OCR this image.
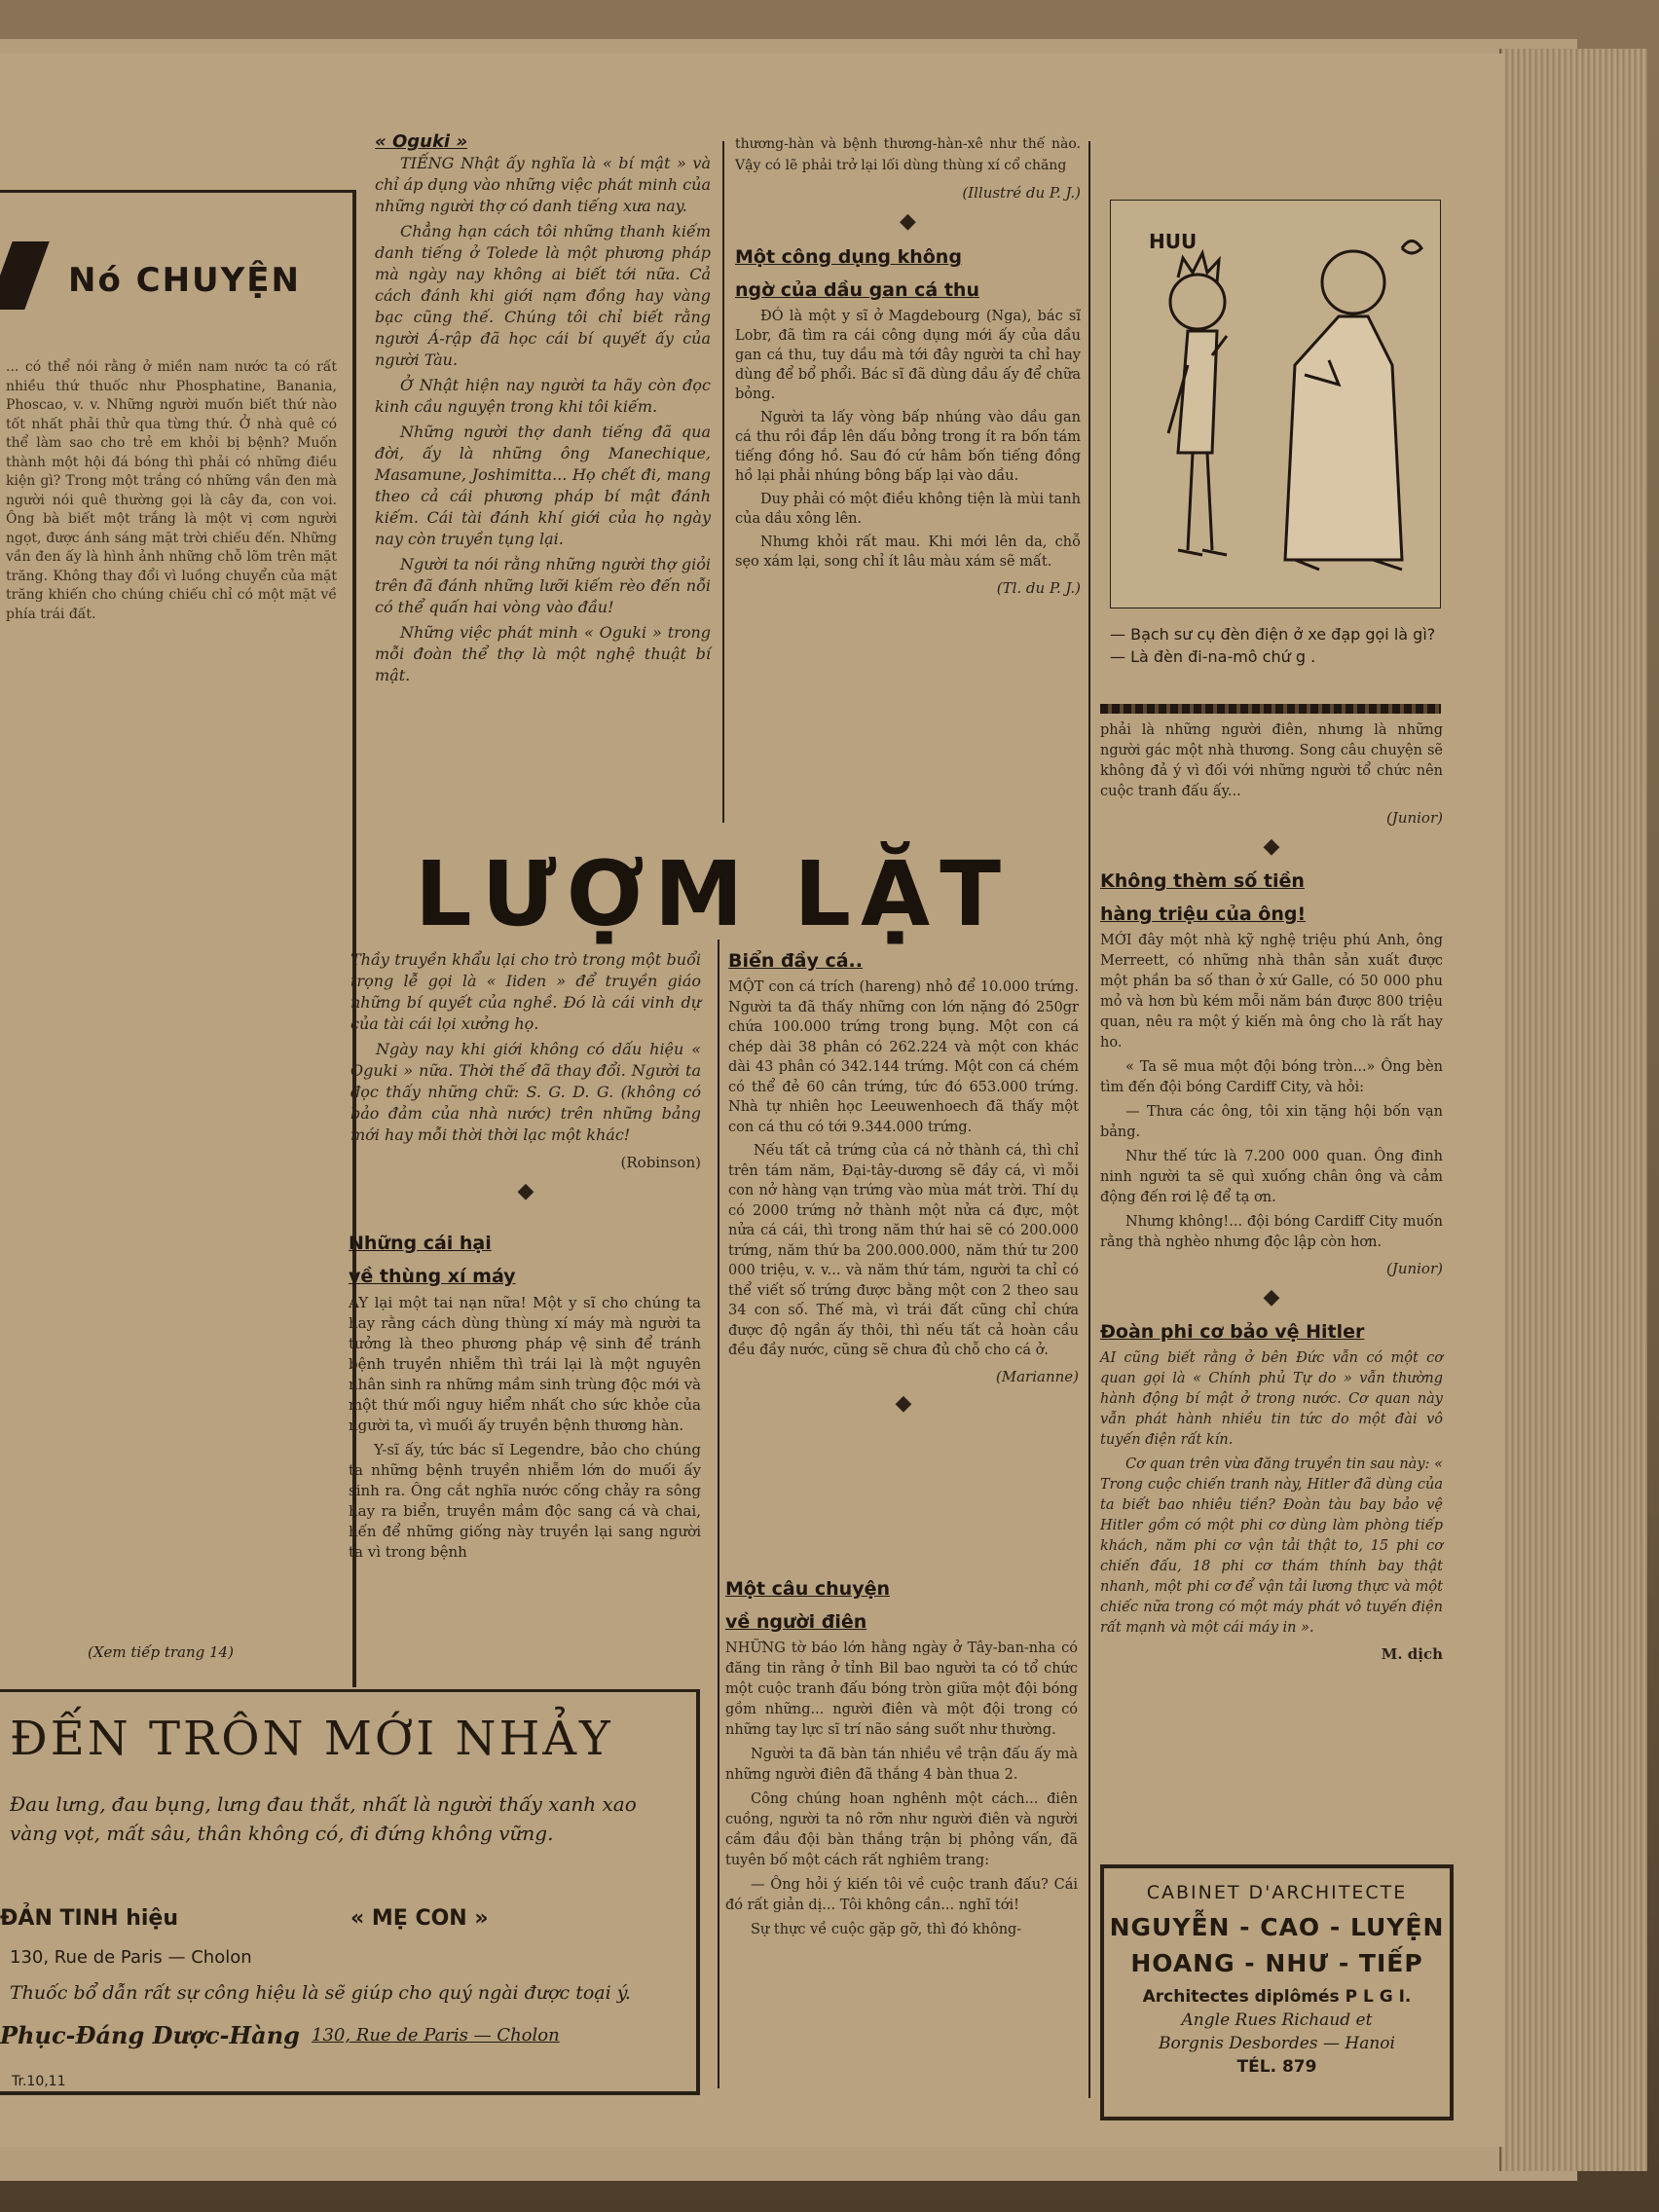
Nó CHUYỆN
... có thể nói rằng ở miền nam nước ta có rất nhiều thứ thuốc như Phosphatine, Banania, Phoscao, v. v. Những người muốn biết thứ nào tốt nhất phải thử qua từng thứ. Ở nhà quê có thể làm sao cho trẻ em khỏi bị bệnh? Muốn thành một hội đá bóng thì phải có những điều kiện gì? Trong một trắng có những vần đen mà người nói quê thường gọi là cây đa, con voi. Ông bà biết một trắng là một vị cơm người ngọt, được ánh sáng mặt trời chiếu đến. Những vần đen ấy là hình ảnh những chỗ lõm trên mặt trăng. Không thay đổi vì luồng chuyển của mặt trăng khiến cho chúng chiếu chỉ có một mặt về phía trái đất.
(Xem tiếp trang 14)
« Oguki »

TIẾNG Nhật ấy nghĩa là « bí mật » và chỉ áp dụng vào những việc phát minh của những người thợ có danh tiếng xưa nay.

Chẳng hạn cách tôi những thanh kiếm danh tiếng ở Tolede là một phương pháp mà ngày nay không ai biết tới nữa. Cả cách đánh khi giới nạm đồng hay vàng bạc cũng thế. Chúng tôi chỉ biết rằng người Á-rập đã học cái bí quyết ấy của người Tàu.

Ở Nhật hiện nay người ta hãy còn đọc kinh cầu nguyện trong khi tôi kiếm.

Những người thợ danh tiếng đã qua đời, ấy là những ông Manechique, Masamune, Joshimitta... Họ chết đi, mang theo cả cái phương pháp bí mật đánh kiếm. Cái tài đánh khí giới của họ ngày nay còn truyền tụng lại.

Người ta nói rằng những người thợ giỏi trên đã đánh những lưỡi kiếm rèo đến nỗi có thể quấn hai vòng vào đầu!

Những việc phát minh « Oguki » trong mỗi đoàn thể thợ là một nghệ thuật bí mật.

thương-hàn và bệnh thương-hàn-xê như thế nào. Vậy có lẽ phải trở lại lối dùng thùng xí cổ chăng

(Illustré du P. J.)
◆
Một công dụng không
ngờ của dầu gan cá thu

ĐÓ là một y sĩ ở Magdebourg (Nga), bác sĩ Lobr, đã tìm ra cái công dụng mới ấy của dầu gan cá thu, tuy dầu mà tới đây người ta chỉ hay dùng để bổ phổi. Bác sĩ đã dùng dầu ấy để chữa bỏng.

Người ta lấy vòng bấp nhúng vào dầu gan cá thu rồi đắp lên dấu bỏng trong ít ra bốn tám tiếng đồng hồ. Sau đó cứ hâm bốn tiếng đồng hồ lại phải nhúng bông bấp lại vào dầu.

Duy phải có một điều không tiện là mùi tanh của dầu xông lên.

Nhưng khỏi rất mau. Khi mới lên da, chỗ sẹo xám lại, song chỉ ít lâu màu xám sẽ mất.

(Tl. du P. J.)
LƯỢM LẶT

Thầy truyền khẩu lại cho trò trong một buổi trọng lễ gọi là « Iiden » để truyền giáo những bí quyết của nghề. Đó là cái vinh dự của tài cái lọi xưởng họ.

Ngày nay khi giới không có dấu hiệu « Oguki » nữa. Thời thế đã thay đổi. Người ta đọc thấy những chữ: S. G. D. G. (không có bảo đảm của nhà nước) trên những bảng mới hay mỗi thời thời lạc một khác!

(Robinson)
◆
Những cái hại
về thùng xí máy

AY lại một tai nạn nữa! Một y sĩ cho chúng ta hay rằng cách dùng thùng xí máy mà người ta tưởng là theo phương pháp vệ sinh để tránh bệnh truyền nhiễm thì trái lại là một nguyên nhân sinh ra những mầm sinh trùng độc mới và một thứ mối nguy hiểm nhất cho sức khỏe của người ta, vì muối ấy truyền bệnh thương hàn.

Y-sĩ ấy, tức bác sĩ Legendre, bảo cho chúng ta những bệnh truyền nhiễm lớn do muối ấy sinh ra. Ông cắt nghĩa nước cống chảy ra sông hay ra biển, truyền mầm độc sang cá và chai, hến để những giống này truyền lại sang người ta vì trong bệnh

Biển đầy cá..

MỘT con cá trích (hareng) nhỏ để 10.000 trứng. Người ta đã thấy những con lớn nặng đó 250gr chứa 100.000 trứng trong bụng. Một con cá chép dài 38 phân có 262.224 và một con khác dài 43 phân có 342.144 trứng. Một con cá chém có thể đẻ 60 cân trứng, tức đó 653.000 trứng. Nhà tự nhiên học Leeuwenhoech đã thấy một con cá thu có tới 9.344.000 trứng.

Nếu tất cả trứng của cá nở thành cá, thì chỉ trên tám năm, Đại-tây-dương sẽ đầy cá, vì mỗi con nở hàng vạn trứng vào mùa mát trời. Thí dụ có 2000 trứng nở thành một nửa cá đực, một nửa cá cái, thì trong năm thứ hai sẽ có 200.000 trứng, năm thứ ba 200.000.000, năm thứ tư 200 000 triệu, v. v... và năm thứ tám, người ta chỉ có thể viết số trứng được bằng một con 2 theo sau 34 con số. Thế mà, vì trái đất cũng chỉ chứa được độ ngần ấy thôi, thì nếu tất cả hoàn cầu đều đầy nước, cũng sẽ chưa đủ chỗ cho cá ở.

(Marianne)
◆
Một câu chuyện
về người điên

NHỮNG tờ báo lớn hằng ngày ở Tây-ban-nha có đăng tin rằng ở tỉnh Bil bao người ta có tổ chức một cuộc tranh đấu bóng tròn giữa một đội bóng gồm những... người điên và một đội trong có những tay lực sĩ trí não sáng suốt như thường.

Người ta đã bàn tán nhiều về trận đấu ấy mà những người điên đã thắng 4 bàn thua 2.

Công chúng hoan nghênh một cách... điên cuồng, người ta nô rỡn như người điên và người cầm đầu đội bàn thắng trận bị phỏng vấn, đã tuyên bố một cách rất nghiêm trang:

— Ông hỏi ý kiến tôi về cuộc tranh đấu? Cái đó rất giản dị... Tôi không cần... nghĩ tới!

Sự thực về cuộc gặp gỡ, thì đó không-

HUU
— Bạch sư cụ đèn điện ở xe đạp gọi là gì?
— Là đèn đi-na-mô chứ g .

phải là những người điên, nhưng là những người gác một nhà thương. Song câu chuyện sẽ không đả ý vì đối với những người tổ chức nên cuộc tranh đấu ấy...

(Junior)
◆
Không thèm số tiền
hàng triệu của ông!

MỚI đây một nhà kỹ nghệ triệu phú Anh, ông Merreett, có những nhà thân sản xuất được một phần ba số than ở xứ Galle, có 50 000 phu mỏ và hơn bù kém mỗi năm bán được 800 triệu quan, nêu ra một ý kiến mà ông cho là rất hay ho.

« Ta sẽ mua một đội bóng tròn...» Ông bèn tìm đến đội bóng Cardiff City, và hỏi:

— Thưa các ông, tôi xin tặng hội bốn vạn bảng.

Như thế tức là 7.200 000 quan. Ông đinh ninh người ta sẽ quì xuống chân ông và cảm động đến rơi lệ để tạ ơn.

Nhưng không!... đội bóng Cardiff City muốn rằng thà nghèo nhưng độc lập còn hơn.

(Junior)
◆
Đoàn phi cơ bảo vệ Hitler

AI cũng biết rằng ở bên Đức vẫn có một cơ quan gọi là « Chính phủ Tự do » vẫn thường hành động bí mật ở trong nước. Cơ quan này vẫn phát hành nhiều tin tức do một đài vô tuyến điện rất kín.

Cơ quan trên vừa đăng truyền tin sau này: « Trong cuộc chiến tranh này, Hitler đã dùng của ta biết bao nhiêu tiền? Đoàn tàu bay bảo vệ Hitler gồm có một phi cơ dùng làm phòng tiếp khách, năm phi cơ vận tải thật to, 15 phi cơ chiến đấu, 18 phi cơ thám thính bay thật nhanh, một phi cơ để vận tải lương thực và một chiếc nữa trong có một máy phát vô tuyến điện rất mạnh và một cái máy in ».

M. dịch
ĐẾN TRÔN MỚI NHẢY
Đau lưng, đau bụng, lưng đau thắt, nhất là người thấy xanh xao vàng vọt, mất sâu, thân không có, đi đứng không vững.
ĐẢN TINH hiệu	« MẸ CON »
130, Rue de Paris — Cholon
Thuốc bổ dẫn rất sự công hiệu là sẽ giúp cho quý ngài được toại ý.
Phục-Đáng Dược-Hàng 130, Rue de Paris — Cholon
CABINET D'ARCHITECTE
NGUYỄN - CAO - LUYỆN
HOANG - NHƯ - TIẾP
Architectes diplômés P L G I.
Angle Rues Richaud et
Borgnis Desbordes — Hanoi
TÉL. 879
Tr.10,11
